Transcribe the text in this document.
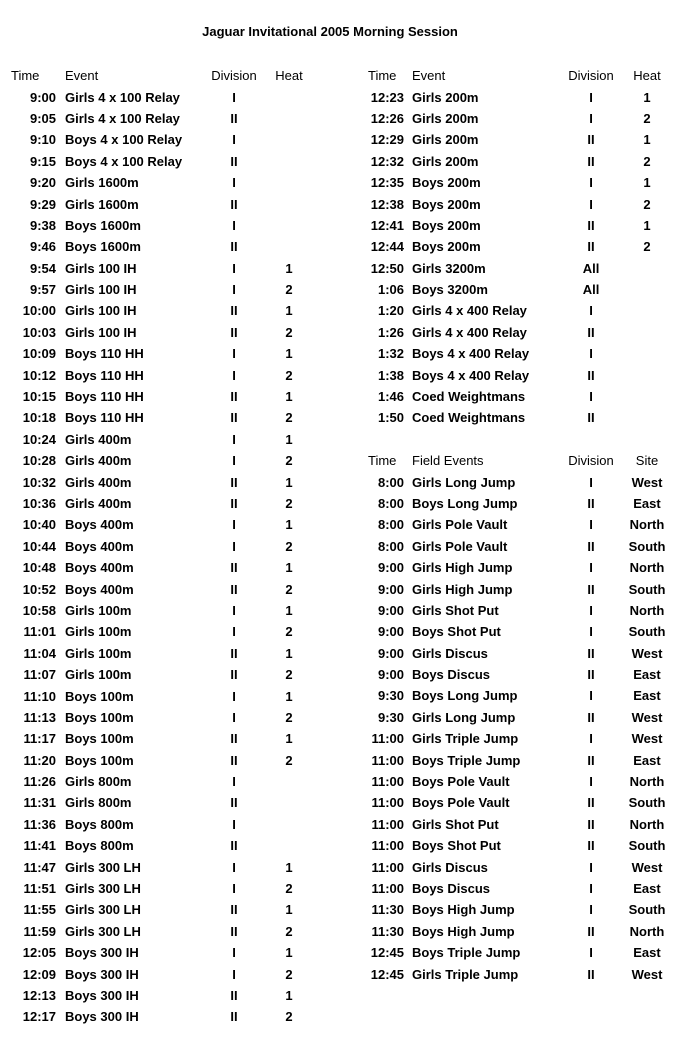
Jaguar Invitational 2005 Morning Session
Time	Event	Division	Heat
9:00	Girls 4 x 100 Relay	I	
9:05	Girls 4 x 100 Relay	II	
9:10	Boys 4 x 100 Relay	I	
9:15	Boys 4 x 100 Relay	II	
9:20	Girls 1600m	I	
9:29	Girls 1600m	II	
9:38	Boys 1600m	I	
9:46	Boys 1600m	II	
9:54	Girls 100 IH	I	1
9:57	Girls 100 IH	I	2
10:00	Girls 100 IH	II	1
10:03	Girls 100 IH	II	2
10:09	Boys 110 HH	I	1
10:12	Boys 110 HH	I	2
10:15	Boys 110 HH	II	1
10:18	Boys 110 HH	II	2
10:24	Girls 400m	I	1
10:28	Girls 400m	I	2
10:32	Girls 400m	II	1
10:36	Girls 400m	II	2
10:40	Boys 400m	I	1
10:44	Boys 400m	I	2
10:48	Boys 400m	II	1
10:52	Boys 400m	II	2
10:58	Girls 100m	I	1
11:01	Girls 100m	I	2
11:04	Girls 100m	II	1
11:07	Girls 100m	II	2
11:10	Boys 100m	I	1
11:13	Boys 100m	I	2
11:17	Boys 100m	II	1
11:20	Boys 100m	II	2
11:26	Girls 800m	I	
11:31	Girls 800m	II	
11:36	Boys 800m	I	
11:41	Boys 800m	II	
11:47	Girls 300 LH	I	1
11:51	Girls 300 LH	I	2
11:55	Girls 300 LH	II	1
11:59	Girls 300 LH	II	2
12:05	Boys 300 IH	I	1
12:09	Boys 300 IH	I	2
12:13	Boys 300 IH	II	1
12:17	Boys 300 IH	II	2
Time	Event	Division	Heat
12:23	Girls 200m	I	1
12:26	Girls 200m	I	2
12:29	Girls 200m	II	1
12:32	Girls 200m	II	2
12:35	Boys 200m	I	1
12:38	Boys 200m	I	2
12:41	Boys 200m	II	1
12:44	Boys 200m	II	2
12:50	Girls 3200m	All	
1:06	Boys 3200m	All	
1:20	Girls 4 x 400 Relay	I	
1:26	Girls 4 x 400 Relay	II	
1:32	Boys 4 x 400 Relay	I	
1:38	Boys 4 x 400 Relay	II	
1:46	Coed Weightmans	I	
1:50	Coed Weightmans	II	
Time	Field Events	Division	Site
8:00	Girls Long Jump	I	West
8:00	Boys Long Jump	II	East
8:00	Girls Pole Vault	I	North
8:00	Girls Pole Vault	II	South
9:00	Girls High Jump	I	North
9:00	Girls High Jump	II	South
9:00	Girls Shot Put	I	North
9:00	Boys Shot Put	I	South
9:00	Girls Discus	II	West
9:00	Boys Discus	II	East
9:30	Boys Long Jump	I	East
9:30	Girls Long Jump	II	West
11:00	Girls Triple Jump	I	West
11:00	Boys Triple Jump	II	East
11:00	Boys Pole Vault	I	North
11:00	Boys Pole Vault	II	South
11:00	Girls Shot Put	II	North
11:00	Boys Shot Put	II	South
11:00	Girls Discus	I	West
11:00	Boys Discus	I	East
11:30	Boys High Jump	I	South
11:30	Boys High Jump	II	North
12:45	Boys Triple Jump	I	East
12:45	Girls Triple Jump	II	West
